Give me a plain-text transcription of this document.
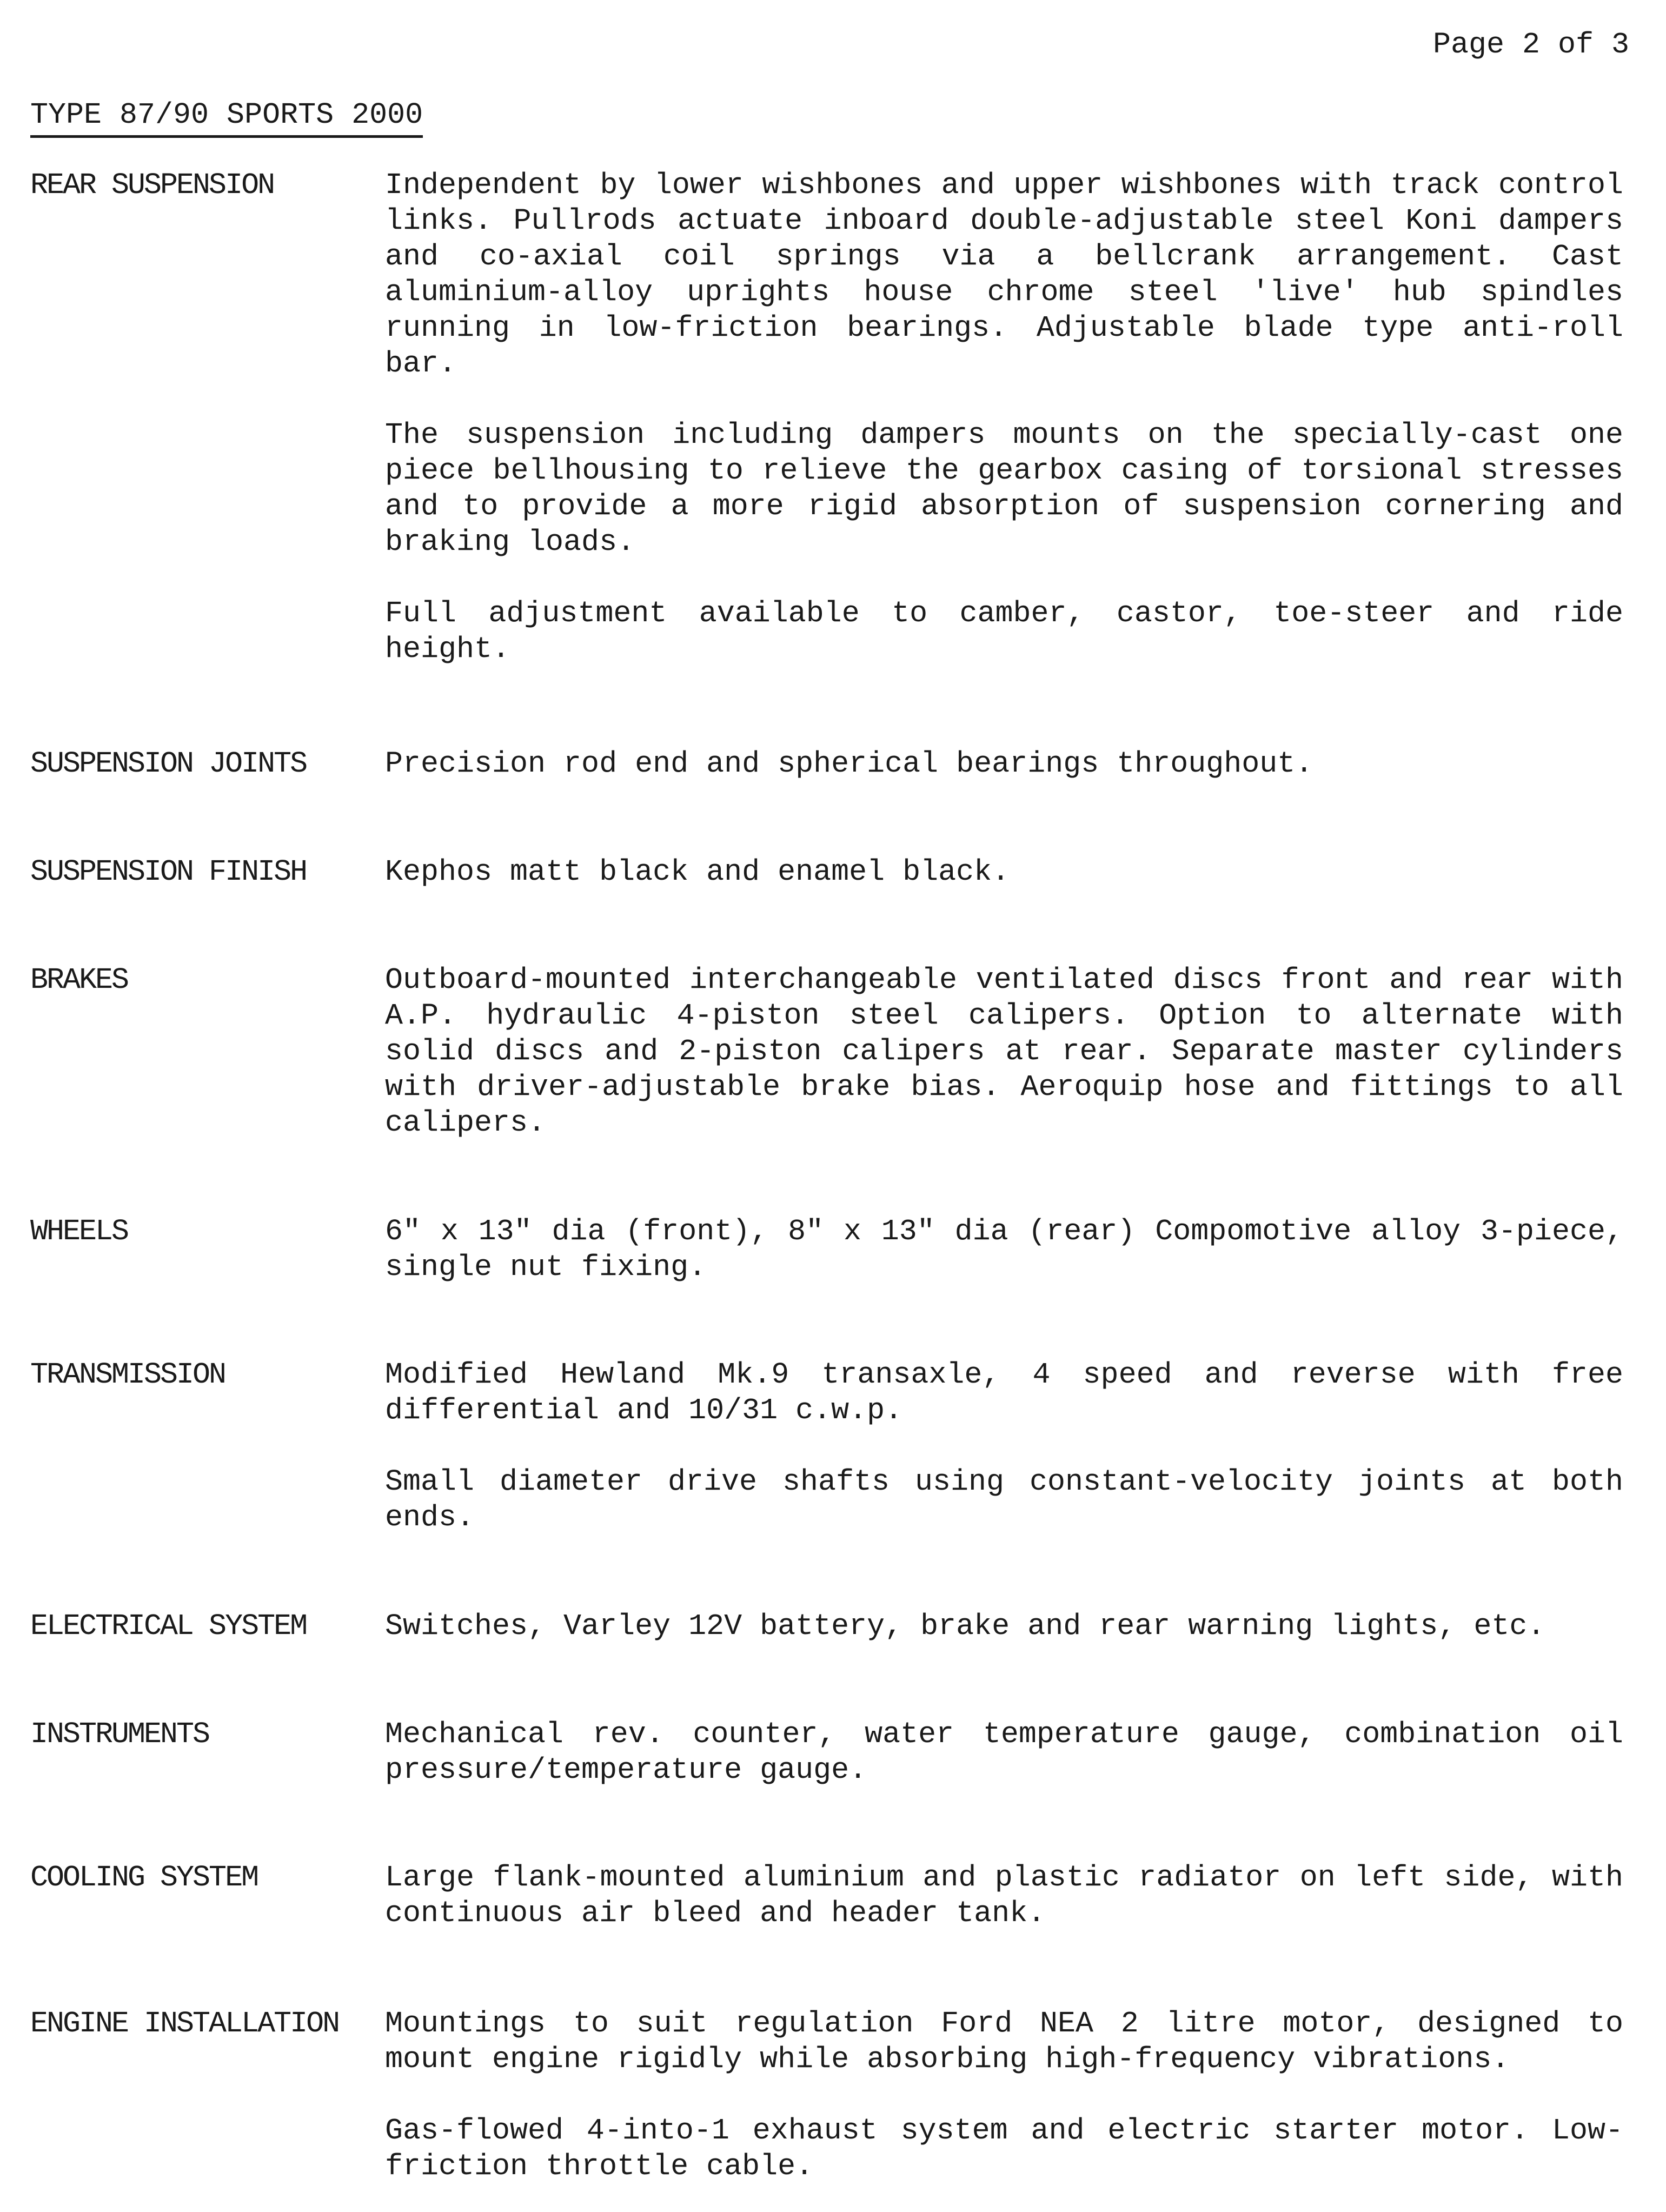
Page 2 of 3
TYPE 87/90 SPORTS 2000
REAR SUSPENSION	Independent by lower wishbones and upper wishbones with track control links. Pullrods actuate inboard double-adjustable steel Koni dampers and co-axial coil springs via a bellcrank arrangement. Cast aluminium-alloy uprights house chrome steel 'live' hub spindles running in low-friction bearings. Adjustable blade type anti-roll bar.

The suspension including dampers mounts on the specially-cast one piece bellhousing to relieve the gearbox casing of torsional stresses and to provide a more rigid absorption of suspension cornering and braking loads.

Full adjustment available to camber, castor, toe-steer and ride height.

SUSPENSION JOINTS	Precision rod end and spherical bearings throughout.

SUSPENSION FINISH	Kephos matt black and enamel black.

BRAKES	Outboard-mounted interchangeable ventilated discs front and rear with A.P. hydraulic 4-piston steel calipers. Option to alternate with solid discs and 2-piston calipers at rear. Separate master cylinders with driver-adjustable brake bias. Aeroquip hose and fittings to all calipers.

WHEELS	6" x 13" dia (front), 8" x 13" dia (rear) Compomotive alloy 3-piece, single nut fixing.

TRANSMISSION	Modified Hewland Mk.9 transaxle, 4 speed and reverse with free differential and 10/31 c.w.p.

Small diameter drive shafts using constant-velocity joints at both ends.

ELECTRICAL SYSTEM	Switches, Varley 12V battery, brake and rear warning lights, etc.

INSTRUMENTS	Mechanical rev. counter, water temperature gauge, combination oil pressure/temperature gauge.

COOLING SYSTEM	Large flank-mounted aluminium and plastic radiator on left side, with continuous air bleed and header tank.

ENGINE INSTALLATION	Mountings to suit regulation Ford NEA 2 litre motor, designed to mount engine rigidly while absorbing high-frequency vibrations.

Gas-flowed 4-into-1 exhaust system and electric starter motor. Low-friction throttle cable.
